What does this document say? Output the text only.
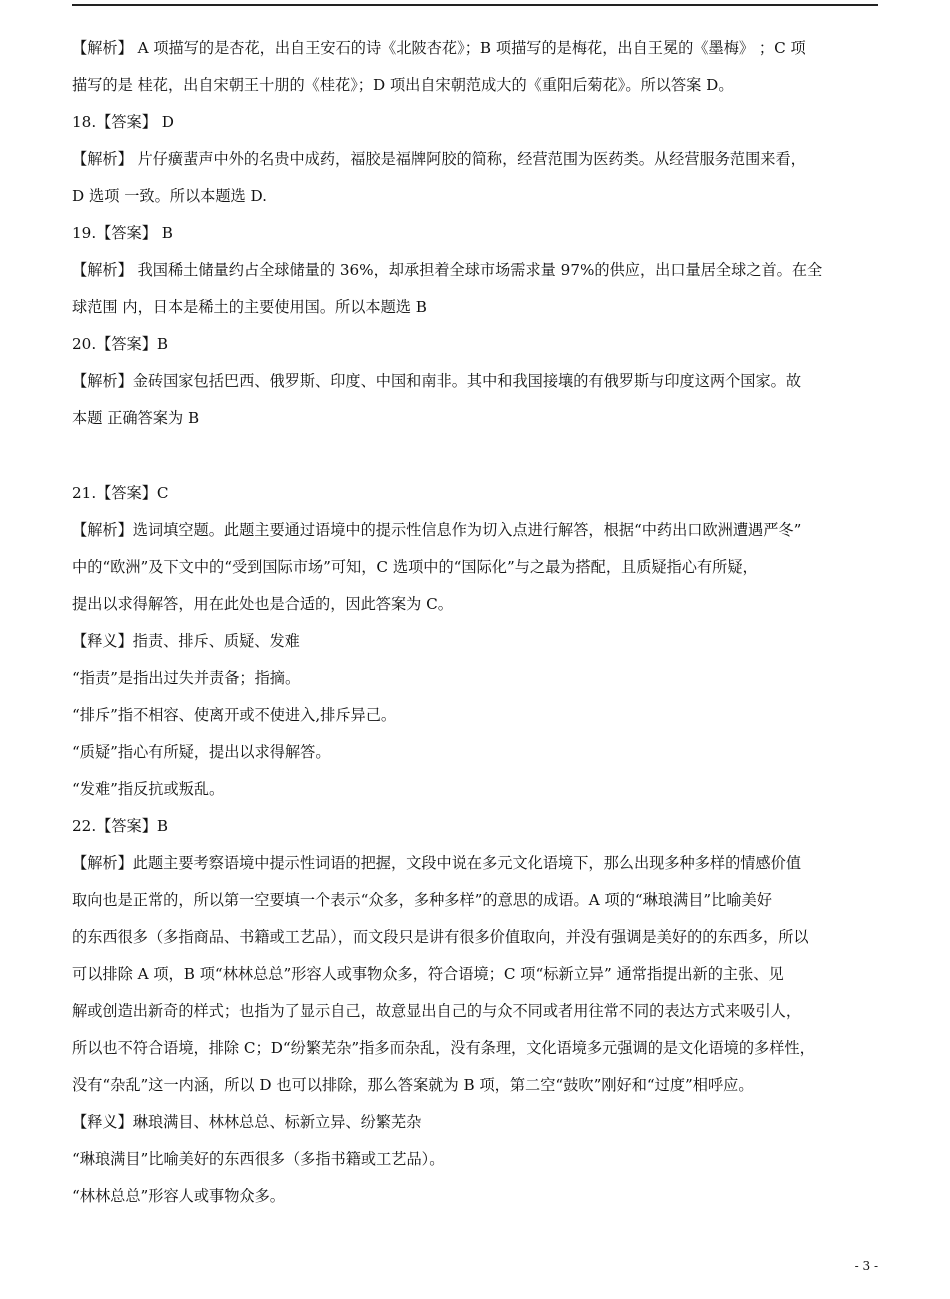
【解析】 A 项描写的是杏花，出自王安石的诗《北陂杏花》；B 项描写的是梅花，出自王冕的《墨梅》 ；C 项

描写的是 桂花，出自宋朝王十朋的《桂花》；D 项出自宋朝范成大的《重阳后菊花》。所以答案 D。

18.【答案】 D

【解析】 片仔癀蜚声中外的名贵中成药，福胶是福牌阿胶的简称，经营范围为医药类。从经营服务范围来看，

D 选项 一致。所以本题选 D.

19.【答案】 B

【解析】 我国稀土储量约占全球储量的 36%，却承担着全球市场需求量 97%的供应，出口量居全球之首。在全

球范围 内，日本是稀土的主要使用国。所以本题选 B

20.【答案】B

【解析】金砖国家包括巴西、俄罗斯、印度、中国和南非。其中和我国接壤的有俄罗斯与印度这两个国家。故

本题 正确答案为 B

21.【答案】C

【解析】选词填空题。此题主要通过语境中的提示性信息作为切入点进行解答，根据“中药出口欧洲遭遇严冬”

中的“欧洲”及下文中的“受到国际市场”可知，C 选项中的“国际化”与之最为搭配，且质疑指心有所疑，

提出以求得解答，用在此处也是合适的，因此答案为 C。

【释义】指责、排斥、质疑、发难

“指责”是指出过失并责备；指摘。

“排斥”指不相容、使离开或不使进入,排斥异己。

“质疑”指心有所疑，提出以求得解答。

“发难”指反抗或叛乱。

22.【答案】B

【解析】此题主要考察语境中提示性词语的把握，文段中说在多元文化语境下，那么出现多种多样的情感价值

取向也是正常的，所以第一空要填一个表示“众多，多种多样”的意思的成语。A 项的“琳琅满目”比喻美好

的东西很多（多指商品、书籍或工艺品），而文段只是讲有很多价值取向，并没有强调是美好的的东西多，所以

可以排除 A 项，B 项“林林总总”形容人或事物众多，符合语境；C 项“标新立异” 通常指提出新的主张、见

解或创造出新奇的样式；也指为了显示自己，故意显出自己的与众不同或者用往常不同的表达方式来吸引人，

所以也不符合语境，排除 C；D“纷繁芜杂”指多而杂乱，没有条理，文化语境多元强调的是文化语境的多样性，

没有“杂乱”这一内涵，所以 D 也可以排除，那么答案就为 B 项，第二空“鼓吹”刚好和“过度”相呼应。

【释义】琳琅满目、林林总总、标新立异、纷繁芜杂

“琳琅满目”比喻美好的东西很多（多指书籍或工艺品）。

“林林总总”形容人或事物众多。

- 3 -
